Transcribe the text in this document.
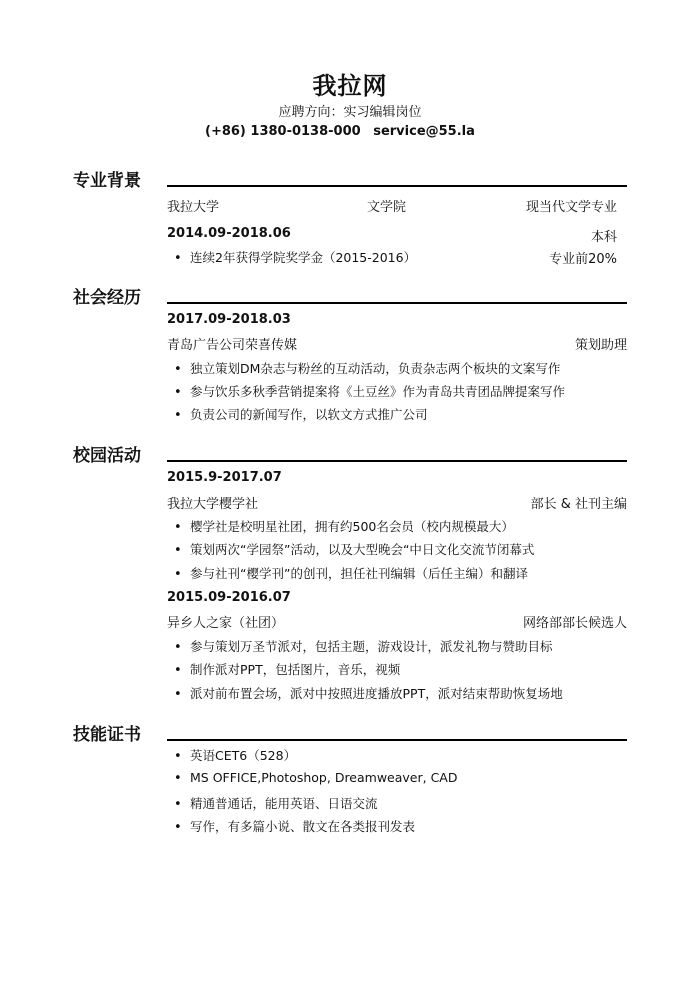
我拉网
应聘方向：实习编辑岗位
(+86) 1380-0138-000 service@55.la
专业背景
我拉大学	文学院	现当代文学专业
2014.09-2018.06	本科
• 连续2年获得学院奖学金（2015-2016）	专业前20%
社会经历
2017.09-2018.03
青岛广告公司荣喜传媒	策划助理
• 独立策划DM杂志与粉丝的互动活动，负责杂志两个板块的文案写作
• 参与饮乐多秋季营销提案将《土豆丝》作为青岛共青团品牌提案写作
• 负责公司的新闻写作，以软文方式推广公司
校园活动
2015.9-2017.07
我拉大学樱学社	部长 & 社刊主编
• 樱学社是校明星社团，拥有约500名会员（校内规模最大）
• 策划两次“学园祭”活动，以及大型晚会“中日文化交流节闭幕式
• 参与社刊“樱学刊”的创刊，担任社刊编辑（后任主编）和翻译
2015.09-2016.07
异乡人之家（社团）	网络部部长候选人
• 参与策划万圣节派对，包括主题，游戏设计，派发礼物与赞助目标
• 制作派对PPT，包括图片，音乐，视频
• 派对前布置会场，派对中按照进度播放PPT，派对结束帮助恢复场地
技能证书
• 英语CET6（528）
• MS OFFICE,Photoshop, Dreamweaver, CAD
• 精通普通话，能用英语、日语交流
• 写作，有多篇小说、散文在各类报刊发表
